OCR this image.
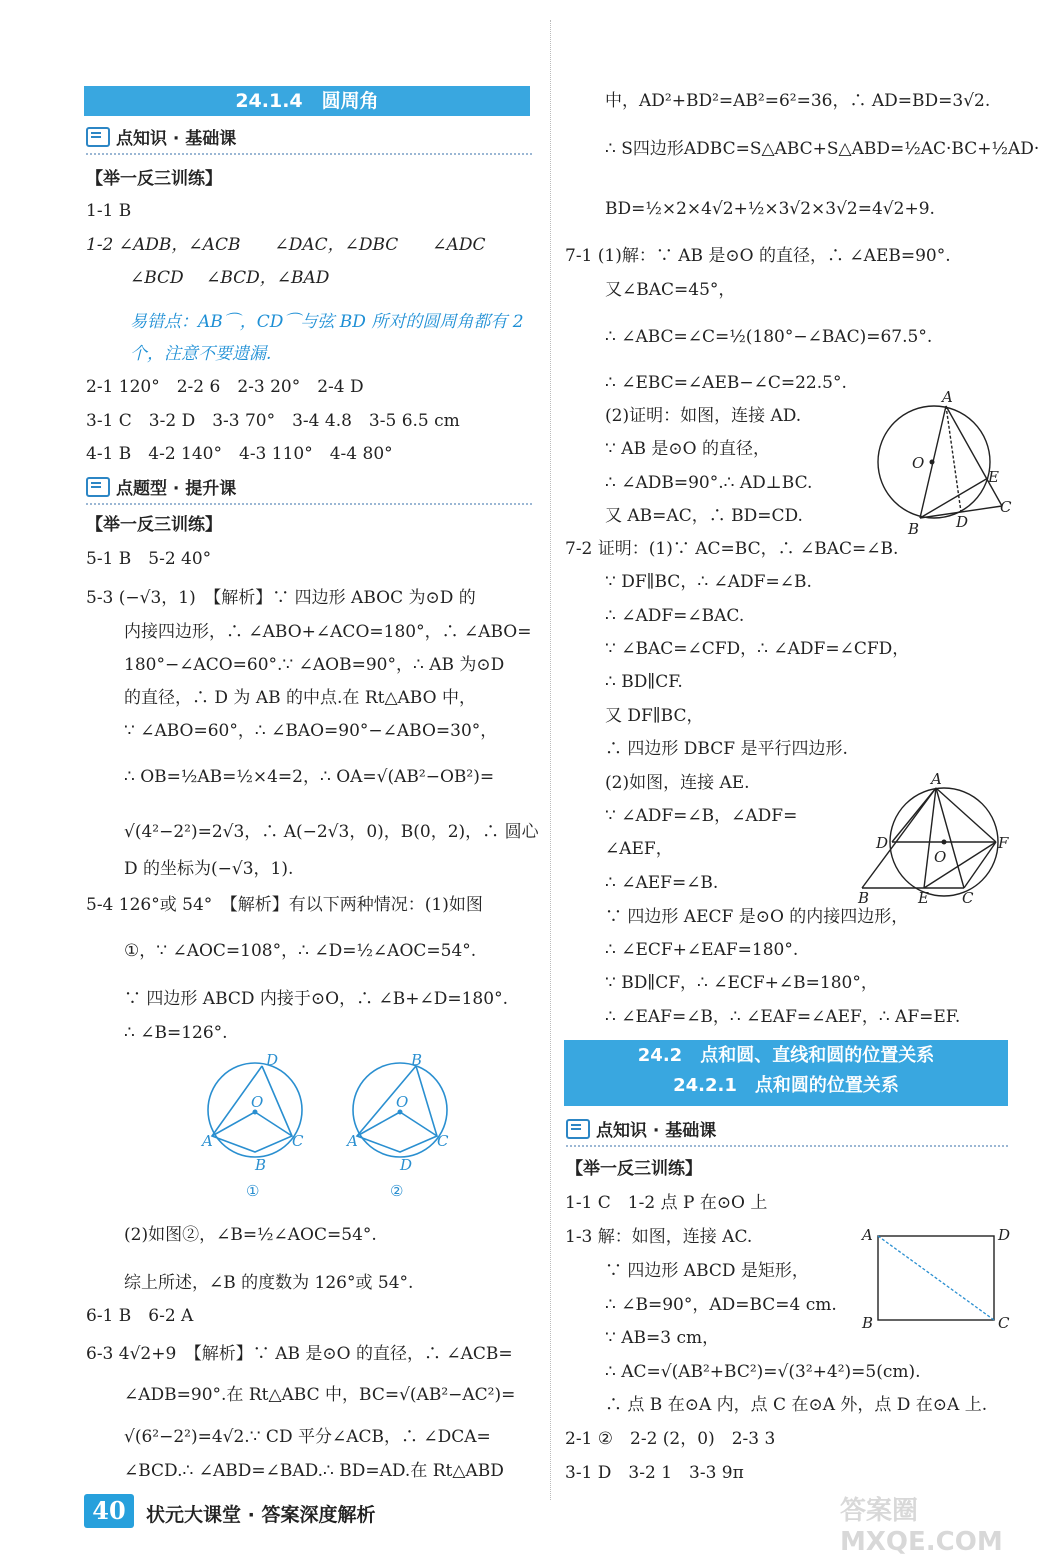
24.1.4　圆周角
点知识 · 基础课
【举一反三训练】
1-1 B
1-2 ∠ADB，∠ACB　　∠DAC，∠DBC　　∠ADC
∠BCD　 ∠BCD，∠BAD
易错点：AB⌒，CD⌒与弦 BD 所对的圆周角都有 2
个，注意不要遗漏.
2-1 120°　2-2 6　2-3 20°　2-4 D
3-1 C　3-2 D　3-3 70°　3-4 4.8　3-5 6.5 cm
4-1 B　4-2 140°　4-3 110°　4-4 80°
点题型 · 提升课
【举一反三训练】
5-1 B　5-2 40°
5-3 (−√3，1)　【解析】∵ 四边形 ABOC 为⊙D 的
内接四边形，∴ ∠ABO+∠ACO=180°，∴ ∠ABO=
180°−∠ACO=60°.∵ ∠AOB=90°，∴ AB 为⊙D
的直径，∴ D 为 AB 的中点.在 Rt△ABO 中，
∵ ∠ABO=60°，∴ ∠BAO=90°−∠ABO=30°，
∴ OB=½AB=½×4=2，∴ OA=√(AB²−OB²)=
√(4²−2²)=2√3，∴ A(−2√3，0)，B(0，2)，∴ 圆心
D 的坐标为(−√3，1).
5-4 126°或 54°　【解析】有以下两种情况：(1)如图
①，∵ ∠AOC=108°，∴ ∠D=½∠AOC=54°.
∵ 四边形 ABCD 内接于⊙O，∴ ∠B+∠D=180°.
∴ ∠B=126°.
D
O
A	C
B
B
O
A	C
D
①	②
(2)如图②，∠B=½∠AOC=54°.
综上所述，∠B 的度数为 126°或 54°.
6-1 B　6-2 A
6-3 4√2+9　【解析】∵ AB 是⊙O 的直径，∴ ∠ACB=
∠ADB=90°.在 Rt△ABC 中，BC=√(AB²−AC²)=
√(6²−2²)=4√2.∵ CD 平分∠ACB，∴ ∠DCA=
∠BCD.∴ ∠ABD=∠BAD.∴ BD=AD.在 Rt△ABD
中，AD²+BD²=AB²=6²=36，∴ AD=BD=3√2.
∴ S四边形ADBC=S△ABC+S△ABD=½AC·BC+½AD·
BD=½×2×4√2+½×3√2×3√2=4√2+9.
7-1 (1)解：∵ AB 是⊙O 的直径，∴ ∠AEB=90°.
又∠BAC=45°，
∴ ∠ABC=∠C=½(180°−∠BAC)=67.5°.
∴ ∠EBC=∠AEB−∠C=22.5°.
(2)证明：如图，连接 AD.
∵ AB 是⊙O 的直径，
∴ ∠ADB=90°.∴ AD⊥BC.
又 AB=AC，∴ BD=CD.
A
O
E
C
D
B
7-2 证明：(1)∵ AC=BC，∴ ∠BAC=∠B.
∵ DF∥BC，∴ ∠ADF=∠B.
∴ ∠ADF=∠BAC.
∵ ∠BAC=∠CFD，∴ ∠ADF=∠CFD，
∴ BD∥CF.
又 DF∥BC，
∴ 四边形 DBCF 是平行四边形.
(2)如图，连接 AE.
∵ ∠ADF=∠B，∠ADF=
∠AEF，
∴ ∠AEF=∠B.
∵ 四边形 AECF 是⊙O 的内接四边形，
∴ ∠ECF+∠EAF=180°.
∵ BD∥CF，∴ ∠ECF+∠B=180°，
∴ ∠EAF=∠B，∴ ∠EAF=∠AEF，∴ AF=EF.
A
D	F
O
B	E C
24.2　点和圆、直线和圆的位置关系
24.2.1　点和圆的位置关系
点知识 · 基础课
【举一反三训练】
1-1 C　1-2 点 P 在⊙O 上
1-3 解：如图，连接 AC.
∵ 四边形 ABCD 是矩形，
∴ ∠B=90°，AD=BC=4 cm.
∵ AB=3 cm，
∴ AC=√(AB²+BC²)=√(3²+4²)=5(cm).
∴ 点 B 在⊙A 内，点 C 在⊙A 外，点 D 在⊙A 上.
2-1 ②　2-2 (2，0)　2-3 3
3-1 D　3-2 1　3-3 9π
A	D
B	C
40	状元大课堂 · 答案深度解析	答案圈 MXQE.COM
